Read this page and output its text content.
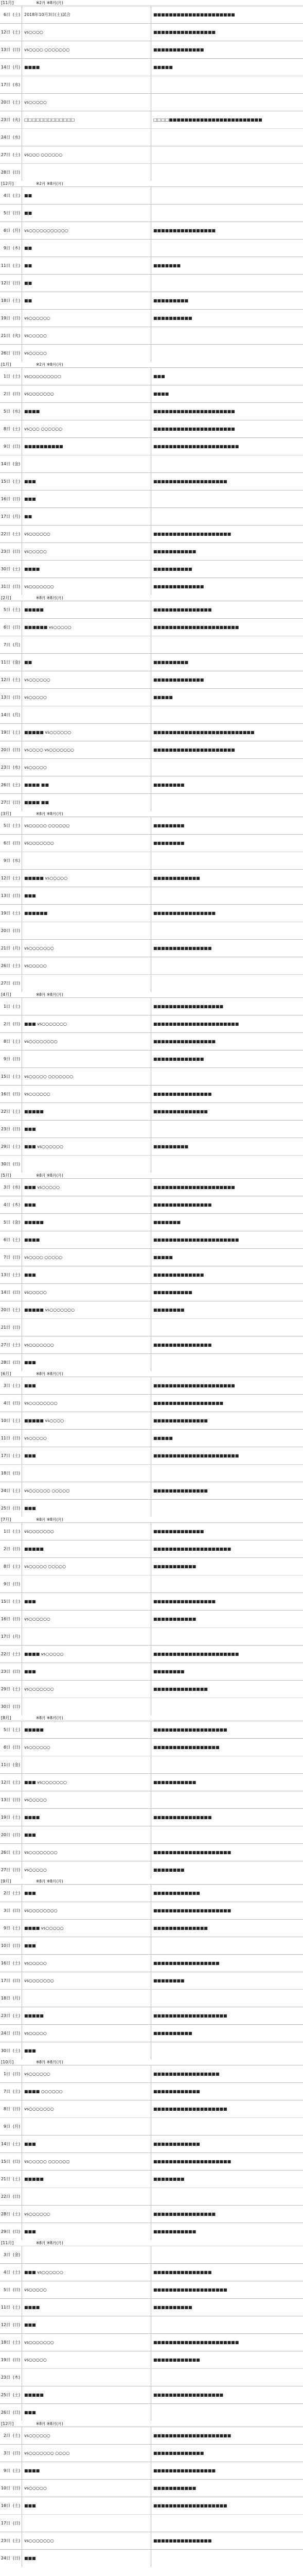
[11月]	※2月 ※8月(月)
6日 (土) 2018年10月3日(土)試合	■■■■■■■■■■■■■■■■■■■■■
12日 (土) vs○○○○	■■■■■■■■■■■■■■■■
13日 (日) vs○○○○ ○○○○○○○	■■■■■■■■■■■■■
14日 (月) ■■■■	■■■■■
17日 (水)
20日 (土) vs○○○○○
23日 (火) □□□□□□□□□□□□□	□□□□■■■■■■■■■■■■■■■■■■■■■■■■
24日 (水)
27日 (土) vs○○○ ○○○○○○
28日 (日)
[12月]	※2月 ※8月(月)
4日 (土) ■■
5日 (日) ■■
6日 (月) vs○○○○○○○○○○○	■■■■■■■■■■■■■■■■
9日 (木) ■■
11日 (土) ■■	■■■■■■■
12日 (日) ■■
18日 (土) ■■	■■■■■■■■■
19日 (日) vs○○○○○○	■■■■■■■■■■
21日 (火) vs○○○○○
26日 (日) vs○○○○○
[1月]	※2月 ※8月(月)
1日 (土) vs○○○○○○○○○	■■■
2日 (日) vs○○○○○○○	■■■■
5日 (水) ■■■■	■■■■■■■■■■■■■■■■■■■■■
8日 (土) vs○○○ ○○○○○○	■■■■■■■■■■■■■■■■■■■■■
9日 (日) ■■■■■■■■■■	■■■■■■■■■■■■■■■■■■■■■■
14日 (金)
15日 (土) ■■■	■■■■■■■■■■■■■■■■■■■
16日 (日) ■■■
17日 (月) ■■
22日 (土) vs○○○○○○	■■■■■■■■■■■■■■■■■■■■
23日 (日) vs○○○○○	■■■■■■■■■■■
30日 (土) ■■■■	■■■■■■■■■■
31日 (日) vs○○○○○○○	■■■■■■■■■■■■■
[2月]	※8月 ※8月(月)
5日 (土) ■■■■■	■■■■■■■■■■■■■■■
6日 (日) ■■■■■■ vs○○○○○	■■■■■■■■■■■■■■■■■■■■■■
7日 (月)
11日 (金) ■■	■■■■■■■■■
12日 (土) vs○○○○○○	■■■■■■■■■■■■■
13日 (日) vs○○○○○	■■■■■
14日 (月)
19日 (土) ■■■■■ vs○○○○○○	■■■■■■■■■■■■■■■■■■■■■■■■■■
20日 (日) vs○○○○ vs○○○○○○○	■■■■■■■■■■■■■■■■■■■■■
23日 (水) vs○○○○○
26日 (土) ■■■■ ■■	■■■■■■■■
27日 (日) ■■■■ ■■
[3月]	※8月 ※8月(月)
5日 (土) vs○○○○○ ○○○○○○	■■■■■■■■
6日 (日) vs○○○○○○○	■■■■■■■■
9日 (水)
12日 (土) ■■■■■ vs○○○○○	■■■■■■■■■■■■
13日 (日) ■■■
19日 (土) ■■■■■■	■■■■■■■■■■■■■■■■
20日 (日)
21日 (月) vs○○○○○○○	■■■■■■■■■■■■■■■
26日 (土) vs○○○○○
27日 (日)
[4月]	※8月 ※8月(月)
1日 (土)	■■■■■■■■■■■■■■■■■■
2日 (日) ■■■ vs○○○○○○○	■■■■■■■■■■■■■■■■■■■■■■
8日 (土) vs○○○○○○○○	■■■■■■■■■■■■■■■■
9日 (日)	■■■■■■■■■■■■■
15日 (土) vs○○○○○ ○○○○○○○
16日 (日) vs○○○○○○	■■■■■■■■■■■■■■■
22日 (土) ■■■■■	■■■■■■■■■■■■■■
23日 (日) ■■■
29日 (土) ■■■ vs○○○○○○	■■■■■■■■■
30日 (日)
[5月]	※8月 ※8月(月)
3日 (水) ■■■ vs○○○○○	■■■■■■■■■■■■■■■■■■■■■
4日 (木) ■■■	■■■■■■■■■■■■■■■
5日 (金) ■■■■■	■■■■■■■
6日 (土) ■■■■	■■■■■■■■■■■■■■■■■■■■■■
7日 (日) vs○○○○ ○○○○○	■■■■■
13日 (土) ■■■	■■■■■■■■■■■■■
14日 (日) vs○○○○○	■■■■■■■■■■
20日 (土) ■■■■■ vs○○○○○○○	■■■■■■■■
21日 (日)
27日 (土) vs○○○○○○○	■■■■■■■■■■■■■■■
28日 (日) ■■■
[6月]	※8月 ※8月(月)
3日 (土) ■■■	■■■■■■■■■■■■■■■■■■■■■
4日 (日) vs○○○○○○○○	■■■■■■■■■■■■■■■■■■
10日 (土) ■■■■■ vs○○○○	■■■■■■■■■■■■■■
11日 (日) vs○○○○○	■■■■■
17日 (土) ■■■	■■■■■■■■■■■■■■■■■■■■■■
18日 (日)
24日 (土) vs○○○○○○ ○○○○○	■■■■■■■■■■■■■■
25日 (日) ■■■
[7月]	※8月 ※8月(月)
1日 (土) vs○○○○○○○	■■■■■■■■■■■■■
2日 (日) ■■■■■	■■■■■■■■■■■■■■■■■■■■
8日 (土) vs○○○○○ ○○○○○	■■■■■■■■■■■
9日 (日)
15日 (土) ■■■	■■■■■■■■■■■■■■■■
16日 (日) vs○○○○○○	■■■■■■■■■■■
17日 (月)
22日 (土) ■■■■ vs○○○○○	■■■■■■■■■■■■■■■■■■■■■■
23日 (日) ■■■	■■■■■■■■
29日 (土) vs○○○○○○○	■■■■■■■■■■■■■■
30日 (日)
[8月]	※8月 ※8月(月)
5日 (土) ■■■■■	■■■■■■■■■■■■■■■■■■■
6日 (日) vs○○○○○○	■■■■■■■■■■■■■■■■■
11日 (金)
12日 (土) ■■■ vs○○○○○○○	■■■■■■■■■■■
13日 (日) vs○○○○○
19日 (土) ■■■■	■■■■■■■■■■■■■■■
20日 (日) ■■■
26日 (土) vs○○○○○○○○	■■■■■■■■■■■■■■■■■■■■
27日 (日) vs○○○○○	■■■■■■■■
[9月]	※8月 ※8月(月)
2日 (土) ■■■	■■■■■■■■■■■■
3日 (日) vs○○○○○○○○	■■■■■■■■■■■■■■■■■■■■
9日 (土) ■■■■ vs○○○○○	■■■■■■■■■■■■■■
10日 (日) ■■■
16日 (土) vs○○○○○	■■■■■■■■■■■■■■■■■
17日 (日) vs○○○○○○○	■■■■■■■■
18日 (月)
23日 (土) ■■■■■	■■■■■■■■■■■■■■■■■■■
24日 (日) vs○○○○○	■■■■■■■■■■
30日 (土) ■■■
[10月]	※8月 ※8月(月)
1日 (日) vs○○○○○○	■■■■■■■■■■■■■■■■■
7日 (土) ■■■■ ○○○○○○	■■■■■■■■■■■■
8日 (日) vs○○○○○○○	■■■■■■■■■■■■■■■■■■■
9日 (月)
14日 (土) ■■■	■■■■■■■■■■■■
15日 (日) vs○○○○○ ○○○○○○	■■■■■■■■■■■■■■■■■■■■
21日 (土) ■■■■■	■■■■■■■■
22日 (日)
28日 (土) vs○○○○○○	■■■■■■■■■■■■■■■■
29日 (日) ■■■	■■■■■■■■■■■
[11月]	※8月 ※8月(月)
3日 (金)
4日 (土) ■■■ vs○○○○○○	■■■■■■■■■■■■■■■
5日 (日) vs○○○○○	■■■■■■■■■■■■■■■■■■■
11日 (土) ■■■■	■■■■■■■■■■
12日 (日) ■■■
18日 (土) vs○○○○○○○	■■■■■■■■■■■■■■■■■■■■■■
19日 (日) vs○○○○○	■■■■■■■■■■■■
23日 (木)
25日 (土) ■■■■■	■■■■■■■■■■■■■■■■■■
26日 (日) ■■■
[12月]	※8月 ※8月(月)
2日 (土) vs○○○○○○	■■■■■■■■■■■■■■■■■■■■
3日 (日) vs○○○○○○○ ○○○○	■■■■■■■■■■■■■
9日 (土) ■■■■	■■■■■■■■■■■■■■■■
10日 (日) vs○○○○○	■■■■■■■■■■■
16日 (土) ■■■	■■■■■■■■■■■■■■■■■■■
17日 (日)
23日 (土) vs○○○○○○○	■■■■■■■■■■■■■■■
24日 (日) ■■■
